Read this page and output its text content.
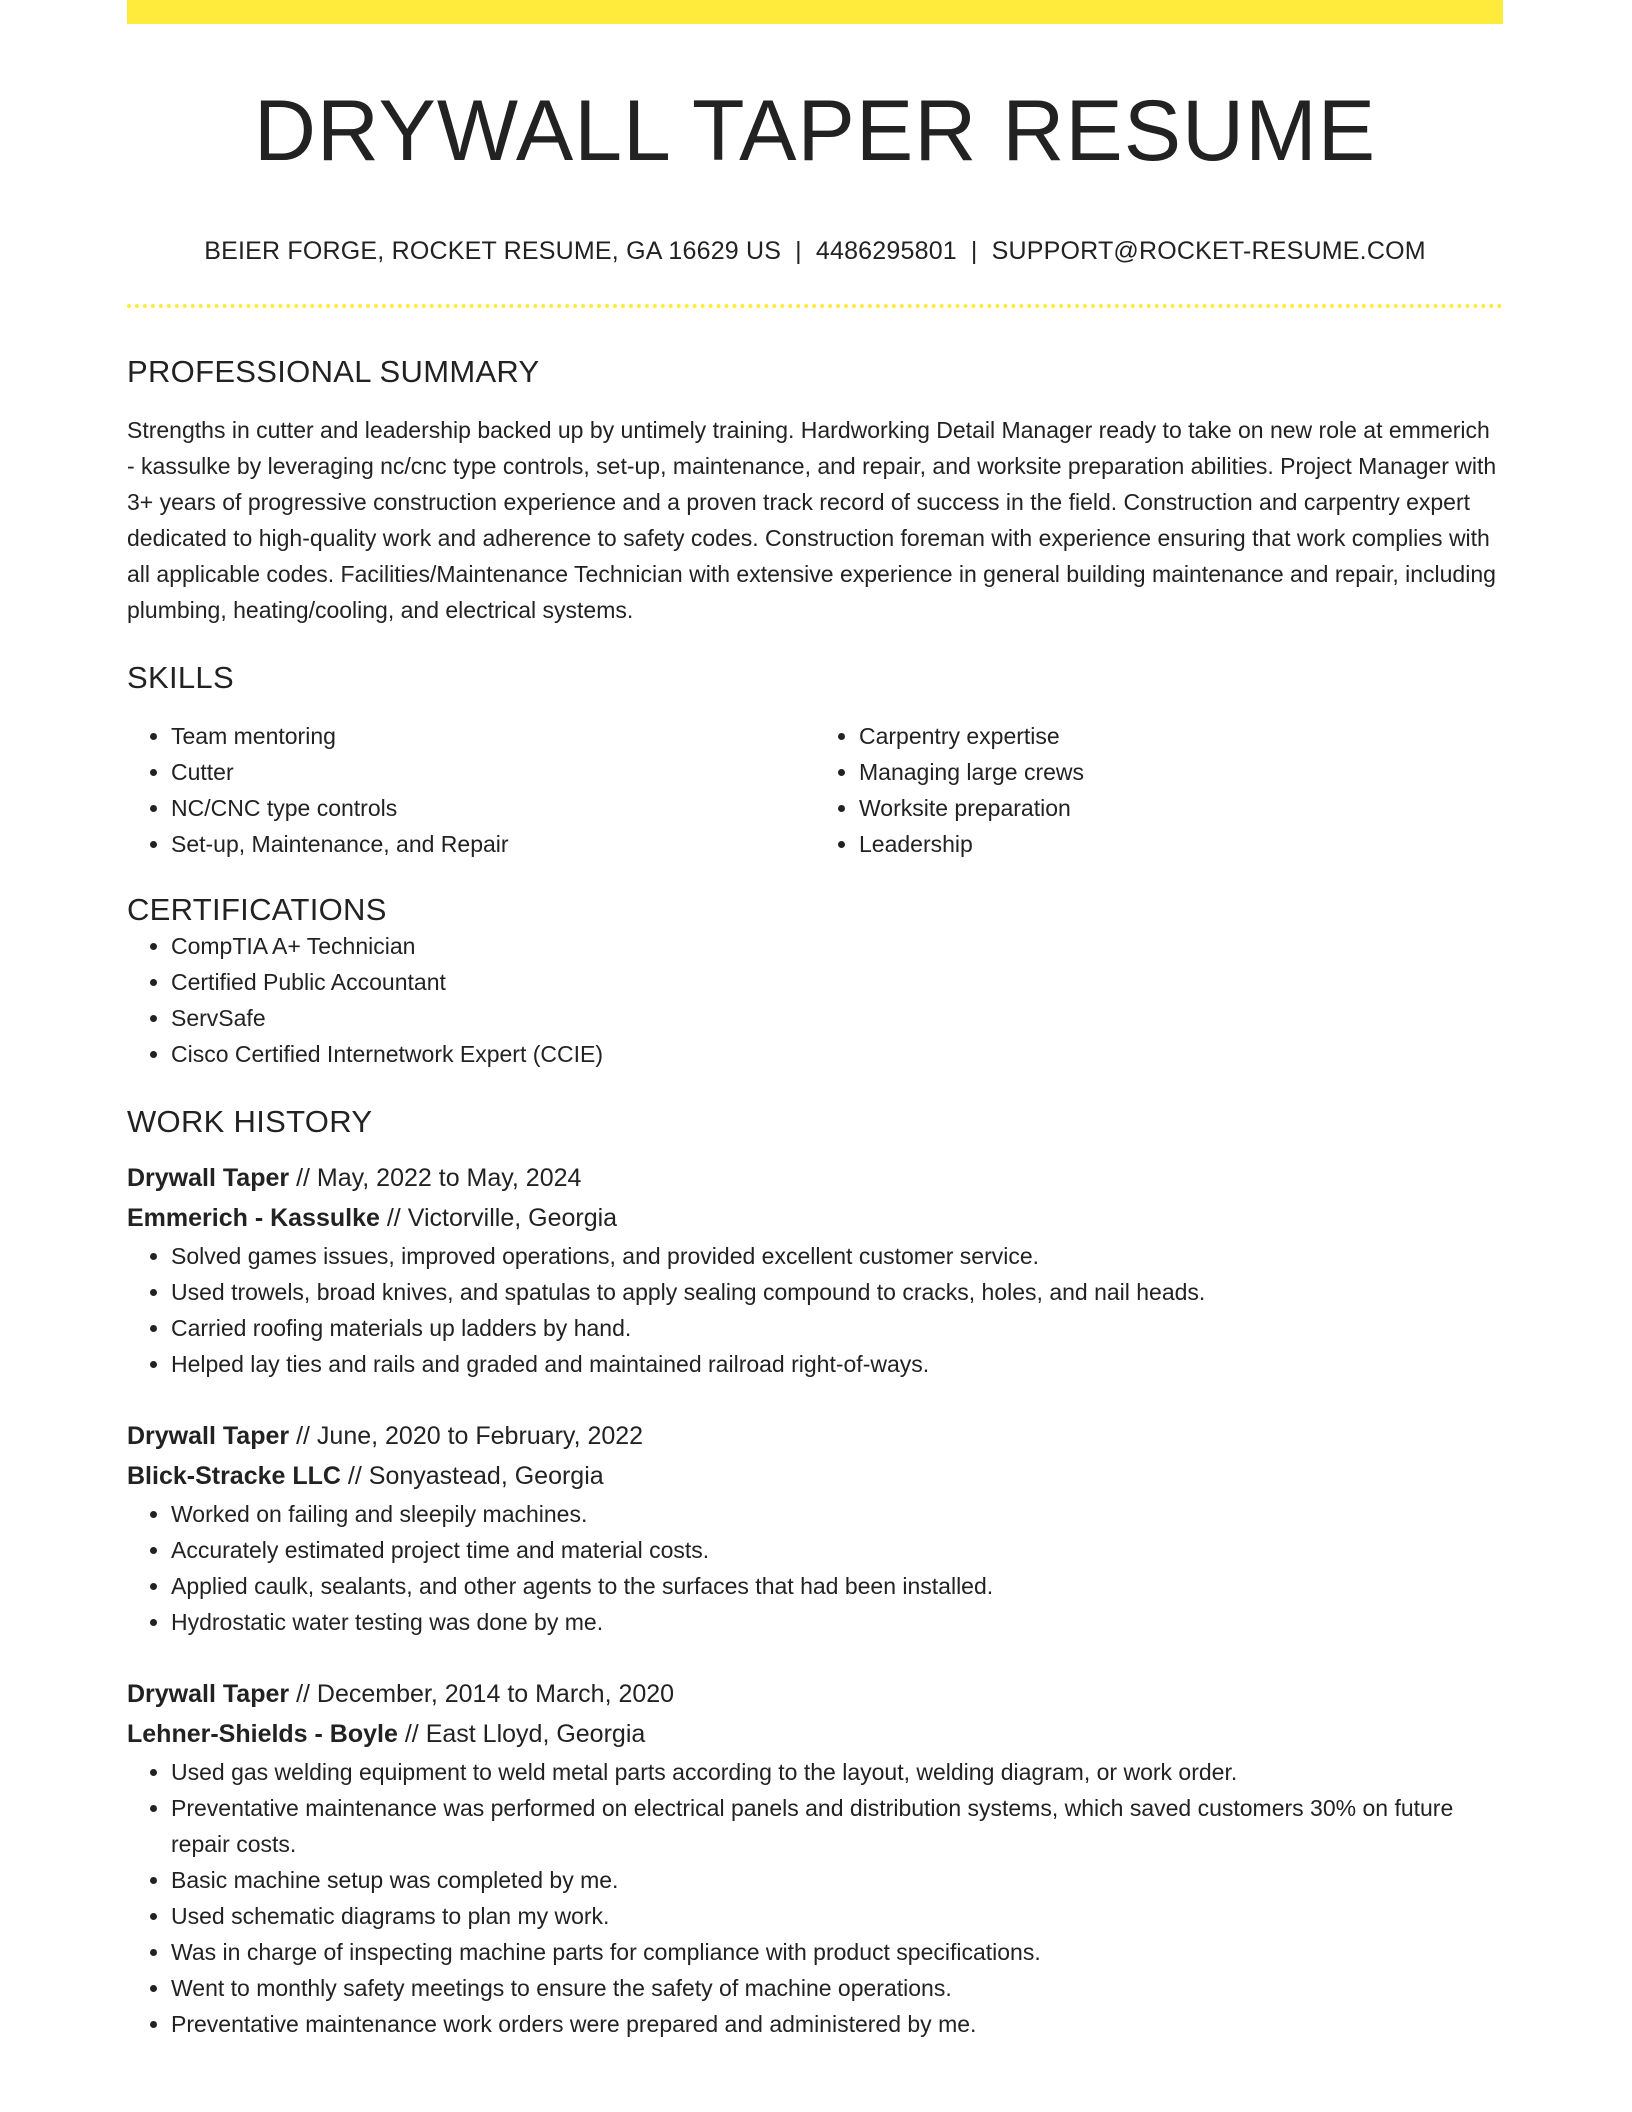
DRYWALL TAPER RESUME
BEIER FORGE, ROCKET RESUME, GA 16629 US | 4486295801 | SUPPORT@ROCKET-RESUME.COM
PROFESSIONAL SUMMARY
Strengths in cutter and leadership backed up by untimely training. Hardworking Detail Manager ready to take on new role at emmerich - kassulke by leveraging nc/cnc type controls, set-up, maintenance, and repair, and worksite preparation abilities. Project Manager with 3+ years of progressive construction experience and a proven track record of success in the field. Construction and carpentry expert dedicated to high-quality work and adherence to safety codes. Construction foreman with experience ensuring that work complies with all applicable codes. Facilities/Maintenance Technician with extensive experience in general building maintenance and repair, including plumbing, heating/cooling, and electrical systems.
SKILLS
• Team mentoring
• Cutter
• NC/CNC type controls
• Set-up, Maintenance, and Repair
• Carpentry expertise
• Managing large crews
• Worksite preparation
• Leadership
CERTIFICATIONS
• CompTIA A+ Technician
• Certified Public Accountant
• ServSafe
• Cisco Certified Internetwork Expert (CCIE)
WORK HISTORY
Drywall Taper // May, 2022 to May, 2024
Emmerich - Kassulke // Victorville, Georgia
• Solved games issues, improved operations, and provided excellent customer service.
• Used trowels, broad knives, and spatulas to apply sealing compound to cracks, holes, and nail heads.
• Carried roofing materials up ladders by hand.
• Helped lay ties and rails and graded and maintained railroad right-of-ways.
Drywall Taper // June, 2020 to February, 2022
Blick-Stracke LLC // Sonyastead, Georgia
• Worked on failing and sleepily machines.
• Accurately estimated project time and material costs.
• Applied caulk, sealants, and other agents to the surfaces that had been installed.
• Hydrostatic water testing was done by me.
Drywall Taper // December, 2014 to March, 2020
Lehner-Shields - Boyle // East Lloyd, Georgia
• Used gas welding equipment to weld metal parts according to the layout, welding diagram, or work order.
• Preventative maintenance was performed on electrical panels and distribution systems, which saved customers 30% on future repair costs.
• Basic machine setup was completed by me.
• Used schematic diagrams to plan my work.
• Was in charge of inspecting machine parts for compliance with product specifications.
• Went to monthly safety meetings to ensure the safety of machine operations.
• Preventative maintenance work orders were prepared and administered by me.
